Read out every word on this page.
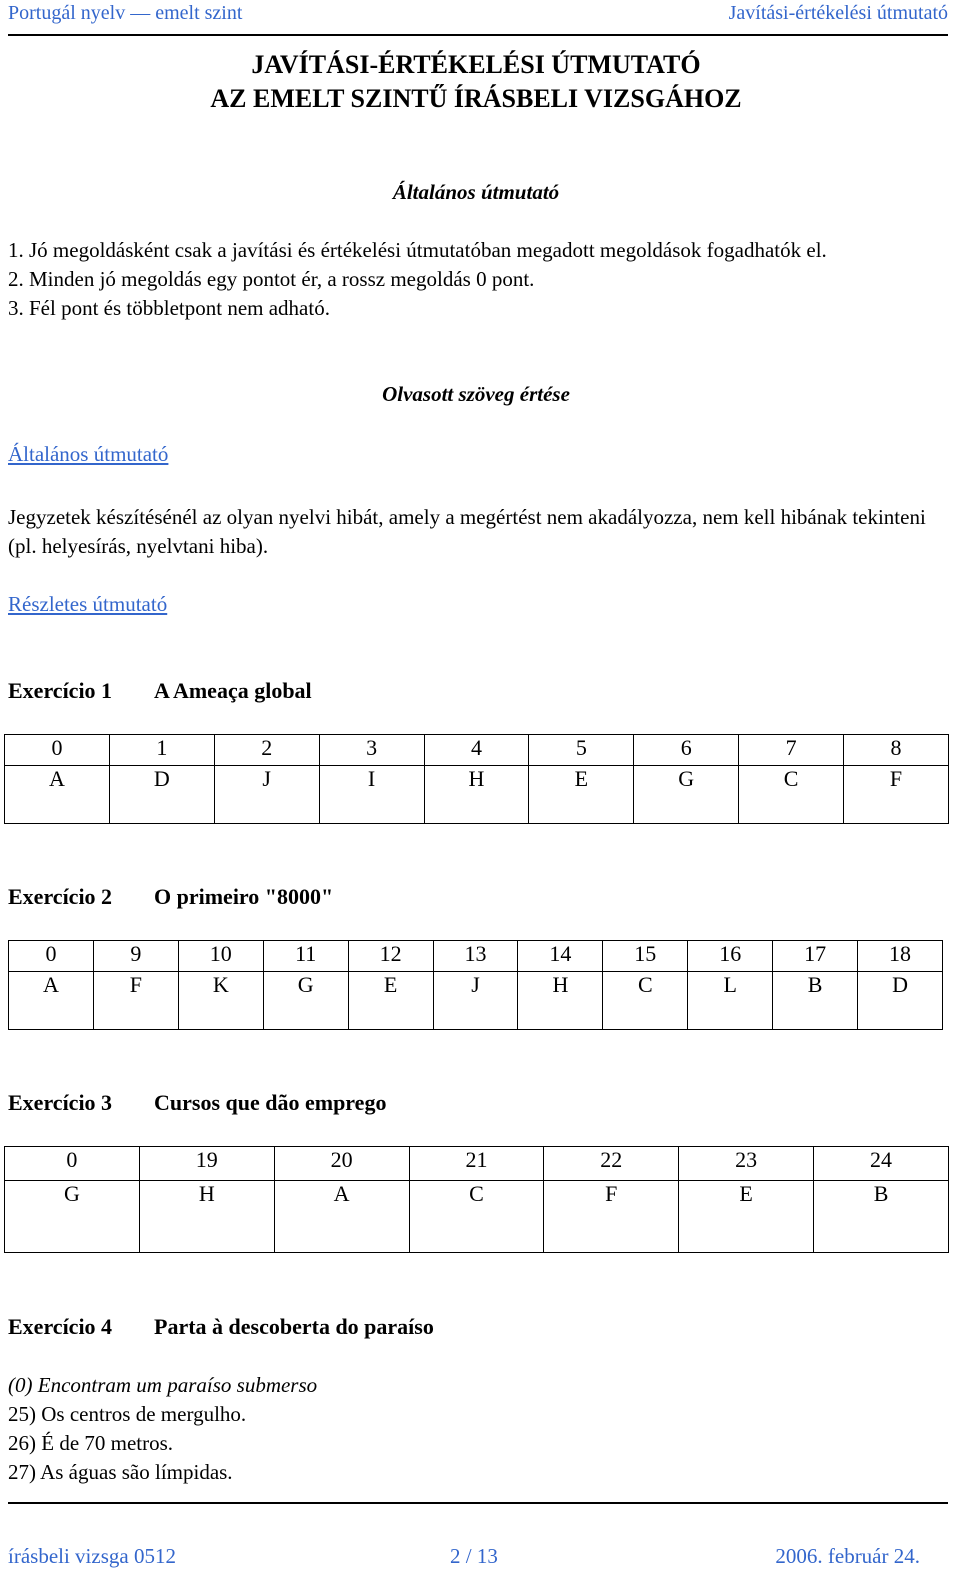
Portugál nyelv — emelt szint	Javítási-értékelési útmutató
JAVÍTÁSI-ÉRTÉKELÉSI ÚTMUTATÓ
AZ EMELT SZINTŰ ÍRÁSBELI VIZSGÁHOZ
Általános útmutató
1. Jó megoldásként csak a javítási és értékelési útmutatóban megadott megoldások fogadhatók el.
2. Minden jó megoldás egy pontot ér, a rossz megoldás 0 pont.
3. Fél pont és többletpont nem adható.
Olvasott szöveg értése
Általános útmutató
Jegyzetek készítésénél az olyan nyelvi hibát, amely a megértést nem akadályozza, nem kell hibának tekinteni (pl. helyesírás, nyelvtani hiba).
Részletes útmutató
Exercício 1 A Ameaça global
0	1	2	3	4	5	6	7	8
A	D	J	I	H	E	G	C	F
Exercício 2 O primeiro "8000"
0	9	10	11	12	13	14	15	16	17	18
A	F	K	G	E	J	H	C	L	B	D
Exercício 3 Cursos que dão emprego
0	19	20	21	22	23	24
G	H	A	C	F	E	B
Exercício 4 Parta à descoberta do paraíso
(0) Encontram um paraíso submerso
25) Os centros de mergulho.
26) É de 70 metros.
27) As águas são límpidas.
írásbeli vizsga 0512	2 / 13	2006. február 24.
